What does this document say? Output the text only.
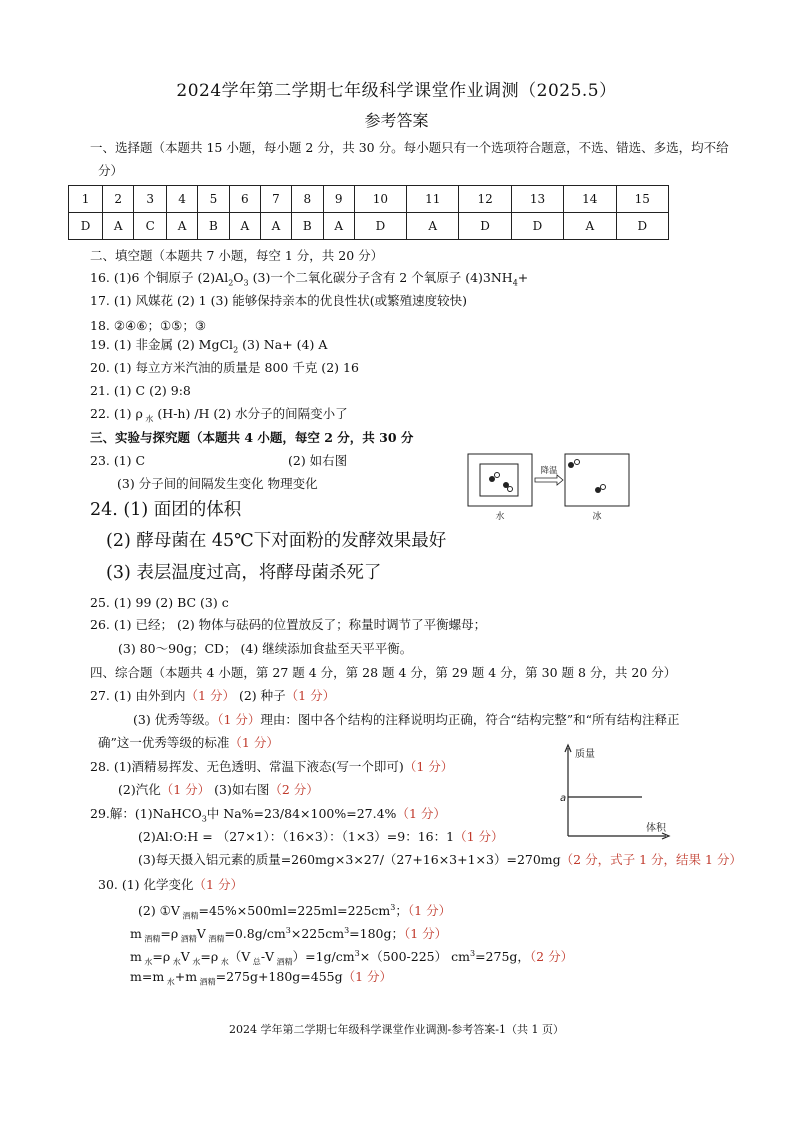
2024学年第二学期七年级科学课堂作业调测（2025.5）
参考答案
一、选择题（本题共 15 小题，每小题 2 分，共 30 分。每小题只有一个选项符合题意，不选、错选、多选，均不给
分）
1	2	3	4	5	6	7	8	9	10	11	12	13	14	15
D	A	C	A	B	A	A	B	A	D	A	D	D	A	D
二、填空题（本题共 7 小题，每空 1 分，共 20 分）
16. (1)6 个铜原子 $(2)Al_2O_3$ (3)一个二氧化碳分子含有 2 个氧原子 $(4)3NH_4+$
17. (1) 风媒花 (2) 1 (3) 能够保持亲本的优良性状(或繁殖速度较快)
18. ②④⑥；①⑤；③
19. (1) 非金属 (2) MgCl$_2$ (3) Na+ (4) A
20. (1) 每立方米汽油的质量是 800 千克 (2) 16
21. (1) C (2) 9:8
22. (1) ρ $_水$ (H-h) /H (2) 水分子的间隔变小了
三、实验与探究题（本题共 4 小题，每空 2 分，共 30 分
23. (1) C	(2) 如右图
(3) 分子间的间隔发生变化 物理变化
水
降温
冰
24. (1) 面团的体积
(2) 酵母菌在 45℃下对面粉的发酵效果最好
(3) 表层温度过高，将酵母菌杀死了
25. (1) 99 (2) BC (3) c
26. (1) 已经； (2) 物体与砝码的位置放反了；称量时调节了平衡螺母；
(3) 80～90g；CD； (4) 继续添加食盐至天平平衡。
四、综合题（本题共 4 小题，第 27 题 4 分，第 28 题 4 分，第 29 题 4 分，第 30 题 8 分，共 20 分）
27. (1) 由外到内（1 分） (2) 种子（1 分）
(3) 优秀等级。（1 分）理由：图中各个结构的注释说明均正确，符合“结构完整”和“所有结构注释正
确”这一优秀等级的标准（1 分）
28. (1)酒精易挥发、无色透明、常温下液态(写一个即可)（1 分）
(2)汽化（1 分） (3)如右图（2 分）
质量
a
体积
29.解：(1)NaHCO$_3$中 Na%=23/84×100%=27.4%（1 分）
(2)Al:O:H = （27×1）：（16×3）：（1×3）=9：16：1（1 分）
(3)每天摄入铝元素的质量=260mg×3×27/（27+16×3+1×3）=270mg（2 分，式子 1 分，结果 1 分）
30. (1) 化学变化（1 分）
(2) ①V $_{酒精}=45\%\times 500ml=225ml=225cm^3$；（1 分）
m $_{酒精}$=ρ $_{酒精}$V $_{酒精}=0.8g/cm^3\times 225cm^3=180g$；（1 分）
m $_水$=ρ $_水$V $_水$=ρ $_水$（V $_总$-V $_{酒精})=1g/cm^3\times(500-225)$ $cm^3=275g$，（2 分）
m=m $_水$+m $_{酒精}$=275g+180g=455g（1 分）
2024 学年第二学期七年级科学课堂作业调测-参考答案-1（共 1 页）
